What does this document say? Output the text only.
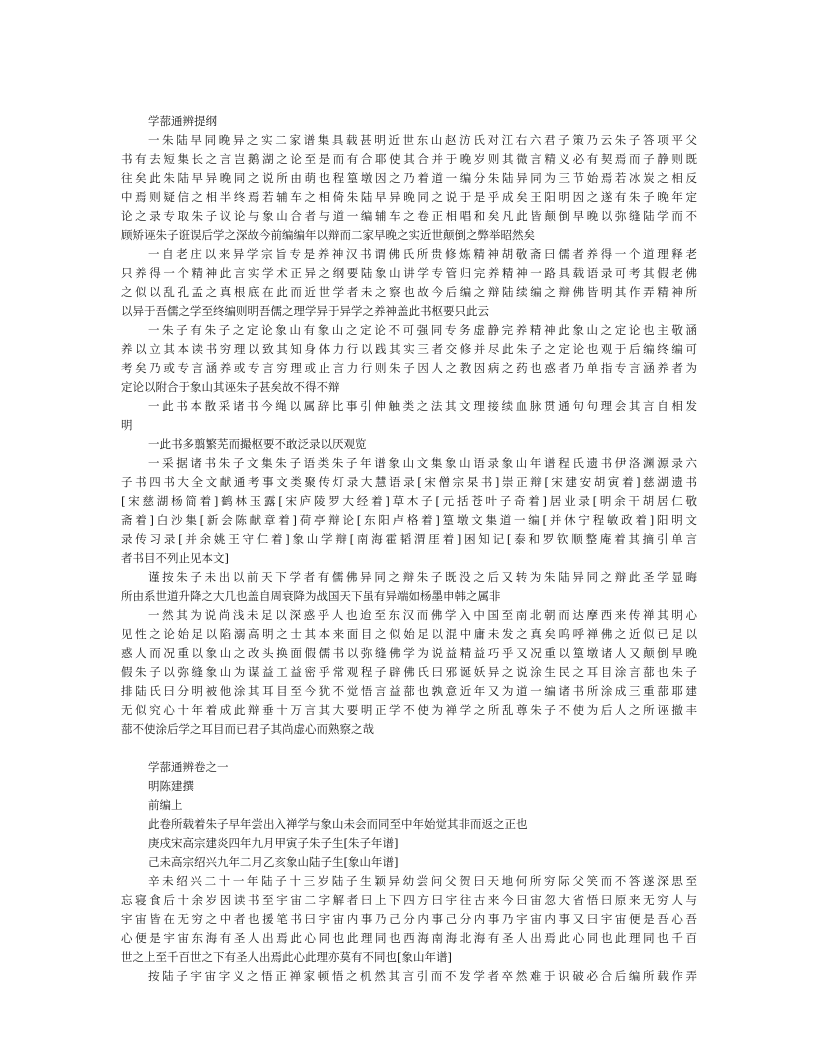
学蔀通辨提纲
一朱陆早同晚异之实二家谱集具载甚明近世东山赵汸氏对江右六君子策乃云朱子答项平父
书有去短集长之言岂鹅湖之论至是而有合耶使其合并于晚岁则其微言精义必有契焉而子静则既
往矣此朱陆早异晚同之说所由萌也程篁墩因之乃着道一编分朱陆异同为三节始焉若冰炭之相反
中焉则疑信之相半终焉若辅车之相倚朱陆早异晚同之说于是乎成矣王阳明因之遂有朱子晚年定
论之录专取朱子议论与象山合者与道一编辅车之卷正相唱和矣凡此皆颠倒早晚以弥缝陆学而不
顾矫诬朱子诳误后学之深故今前编编年以辩而二家早晚之实近世颠倒之弊举昭然矣
一自老庄以来异学宗旨专是养神汉书谓佛氏所贵修炼精神胡敬斋曰儒者养得一个道理释老
只养得一个精神此言实学术正异之纲要陆象山讲学专管归完养精神一路具载语录可考其假老佛
之似以乱孔孟之真根底在此而近世学者未之察也故今后编之辩陆续编之辩佛皆明其作弄精神所
以异于吾儒之学至终编则明吾儒之理学异于异学之养神盖此书枢要只此云
一朱子有朱子之定论象山有象山之定论不可强同专务虚静完养精神此象山之定论也主敬涵
养以立其本读书穷理以致其知身体力行以践其实三者交修并尽此朱子之定论也观于后编终编可
考矣乃或专言涵养或专言穷理或止言力行则朱子因人之教因病之药也惑者乃单指专言涵养者为
定论以附合于象山其诬朱子甚矣故不得不辩
一此书本散采诸书今绳以属辞比事引伸触类之法其文理接续血脉贯通句句理会其言自相发
明
一此书多翦繁芜而撮枢要不敢泛录以厌观览
一采据诸书朱子文集朱子语类朱子年谱象山文集象山语录象山年谱程氏遗书伊洛渊源录六
子书四书大全文献通考事文类聚传灯录大慧语录[宋僧宗杲书]崇正辩[宋建安胡寅着]慈湖遗书
[宋慈湖杨简着]鹤林玉露[宋庐陵罗大经着]草木子[元括苍叶子奇着]居业录[明余干胡居仁敬
斋着]白沙集[新会陈献章着]荷亭辩论[东阳卢格着]篁墩文集道一编[并休宁程敏政着]阳明文
录传习录[并余姚王守仁着]象山学辩[南海霍韬渭厓着]困知记[泰和罗钦顺整庵着其摘引单言
者书目不列止见本文]
谨按朱子未出以前天下学者有儒佛异同之辩朱子既没之后又转为朱陆异同之辩此圣学显晦
所由系世道升降之大几也盖自周衰降为战国天下虽有异端如杨墨申韩之属非
一然其为说尚浅未足以深惑乎人也迨至东汉而佛学入中国至南北朝而达摩西来传禅其明心
见性之论始足以陷溺高明之士其本来面目之似始足以混中庸未发之真矣呜呼禅佛之近似已足以
惑人而况重以象山之改头换面假儒书以弥缝佛学为说益精益巧乎又况重以篁墩诸人又颠倒早晚
假朱子以弥缝象山为谋益工益密乎常观程子辟佛氏曰邪诞妖异之说涂生民之耳目涂言蔀也朱子
排陆氏曰分明被他涂其耳目至今犹不觉悟言益蔀也孰意近年又为道一编诸书所涂成三重蔀耶建
无似究心十年着成此辩垂十万言其大要明正学不使为禅学之所乱尊朱子不使为后人之所诬撤丰
蔀不使涂后学之耳目而已君子其尚虚心而熟察之哉
学蔀通辨卷之一
明陈建撰
前编上
此卷所载着朱子早年尝出入禅学与象山未会而同至中年始觉其非而返之正也
庚戌宋高宗建炎四年九月甲寅子朱子生[朱子年谱]
己未高宗绍兴九年二月乙亥象山陆子生[象山年谱]
辛未绍兴二十一年陆子十三岁陆子生颖异幼尝问父贺曰天地何所穷际父笑而不答遂深思至
忘寝食后十余岁因读书至宇宙二字解者曰上下四方曰宇往古来今曰宙忽大省悟曰原来无穷人与
宇宙皆在无穷之中者也援笔书曰宇宙内事乃己分内事己分内事乃宇宙内事又曰宇宙便是吾心吾
心便是宇宙东海有圣人出焉此心同也此理同也西海南海北海有圣人出焉此心同也此理同也千百
世之上至千百世之下有圣人出焉此心此理亦莫有不同也[象山年谱]
按陆子宇宙字义之悟正禅家顿悟之机然其言引而不发学者卒然难于识破必合后编所载作弄
